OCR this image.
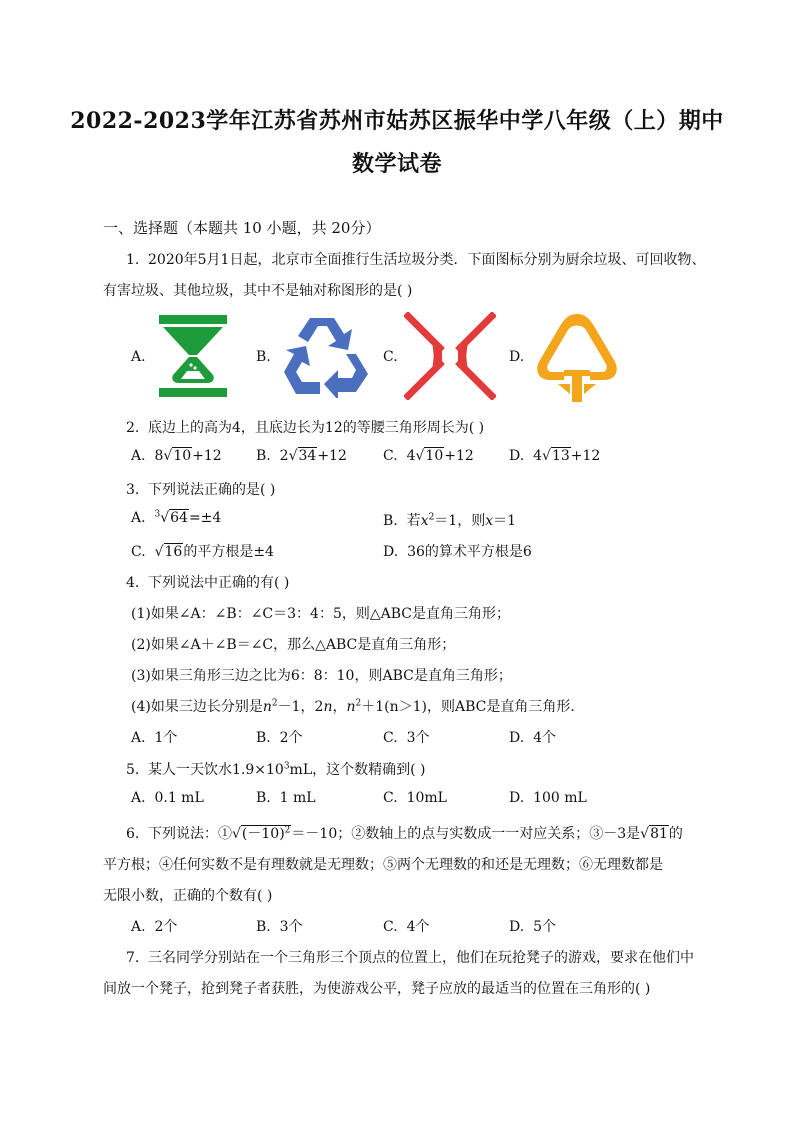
2022-2023学年江苏省苏州市姑苏区振华中学八年级（上）期中
数学试卷
一、选择题（本题共 10 小题，共 20分）
1. 2020年5月1日起，北京市全面推行生活垃圾分类．下面图标分别为厨余垃圾、可回收物、
有害垃圾、其他垃圾，其中不是轴对称图形的是( )
A.	B.	C.	D.
2. 底边上的高为4，且底边长为12的等腰三角形周长为( )
A. 8√10+12 B. 2√34+12	C. 4√10+12	D. 4√13+12
3. 下列说法正确的是( )
A. $^3$√64=±4	B. 若$x^2=1$，则x＝1
C.  √16的平方根是±4	D. 36的算术平方根是6
4. 下列说法中正确的有( )
(1)如果∠A：∠B：∠C＝3：4：5，则△ABC是直角三角形；
(2)如果∠A＋∠B＝∠C，那么△ABC是直角三角形；
(3)如果三角形三边之比为6：8：10，则ABC是直角三角形；
(4)如果三边长分别是$n^2-1$，2n，$n^2+1(n>1)$，则ABC是直角三角形．
A. 1个	B. 2个	C. 3个	D. 4个
5. 某人一天饮水$1.9\times 10^3mL$，这个数精确到( )
A. 0.1 mL	B. 1 mL	C. 10mL	D. 100 mL
6. 下列说法：$①√(-10)^2=-10$；②数轴上的点与实数成一一对应关系；③－3是√81的
平方根；④任何实数不是有理数就是无理数；⑤两个无理数的和还是无理数；⑥无理数都是
无限小数，正确的个数有( )
A. 2个	B. 3个	C. 4个	D. 5个
7. 三名同学分别站在一个三角形三个顶点的位置上，他们在玩抢凳子的游戏，要求在他们中
间放一个凳子，抢到凳子者获胜，为使游戏公平，凳子应放的最适当的位置在三角形的( )
